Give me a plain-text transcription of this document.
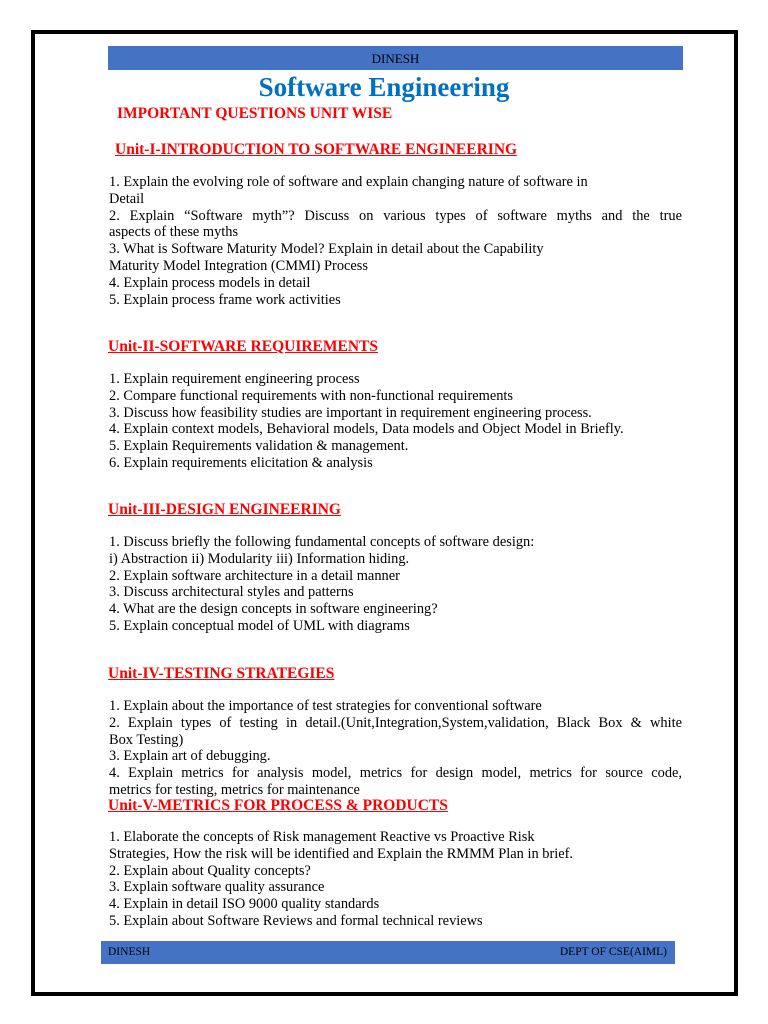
DINESH
Software Engineering
IMPORTANT QUESTIONS UNIT WISE
Unit-I-INTRODUCTION TO SOFTWARE ENGINEERING
1. Explain the evolving role of software and explain changing nature of software in
Detail
2. Explain “Software myth”? Discuss on various types of software myths and the true
aspects of these myths
3. What is Software Maturity Model? Explain in detail about the Capability
Maturity Model Integration (CMMI) Process
4. Explain process models in detail
5. Explain process frame work activities
Unit-II-SOFTWARE REQUIREMENTS
1. Explain requirement engineering process
2. Compare functional requirements with non-functional requirements
3. Discuss how feasibility studies are important in requirement engineering process.
4. Explain context models, Behavioral models, Data models and Object Model in Briefly.
5. Explain Requirements validation & management.
6. Explain requirements elicitation & analysis
Unit-III-DESIGN ENGINEERING
1. Discuss briefly the following fundamental concepts of software design:
i) Abstraction ii) Modularity iii) Information hiding.
2. Explain software architecture in a detail manner
3. Discuss architectural styles and patterns
4. What are the design concepts in software engineering?
5. Explain conceptual model of UML with diagrams
Unit-IV-TESTING STRATEGIES
1. Explain about the importance of test strategies for conventional software
2. Explain types of testing in detail.(Unit,Integration,System,validation, Black Box & white
Box Testing)
3. Explain art of debugging.
4. Explain metrics for analysis model, metrics for design model, metrics for source code,
metrics for testing, metrics for maintenance
Unit-V-METRICS FOR PROCESS & PRODUCTS
1. Elaborate the concepts of Risk management Reactive vs Proactive Risk
Strategies, How the risk will be identified and Explain the RMMM Plan in brief.
2. Explain about Quality concepts?
3. Explain software quality assurance
4. Explain in detail ISO 9000 quality standards
5. Explain about Software Reviews and formal technical reviews
DINESH	DEPT OF CSE(AIML)
